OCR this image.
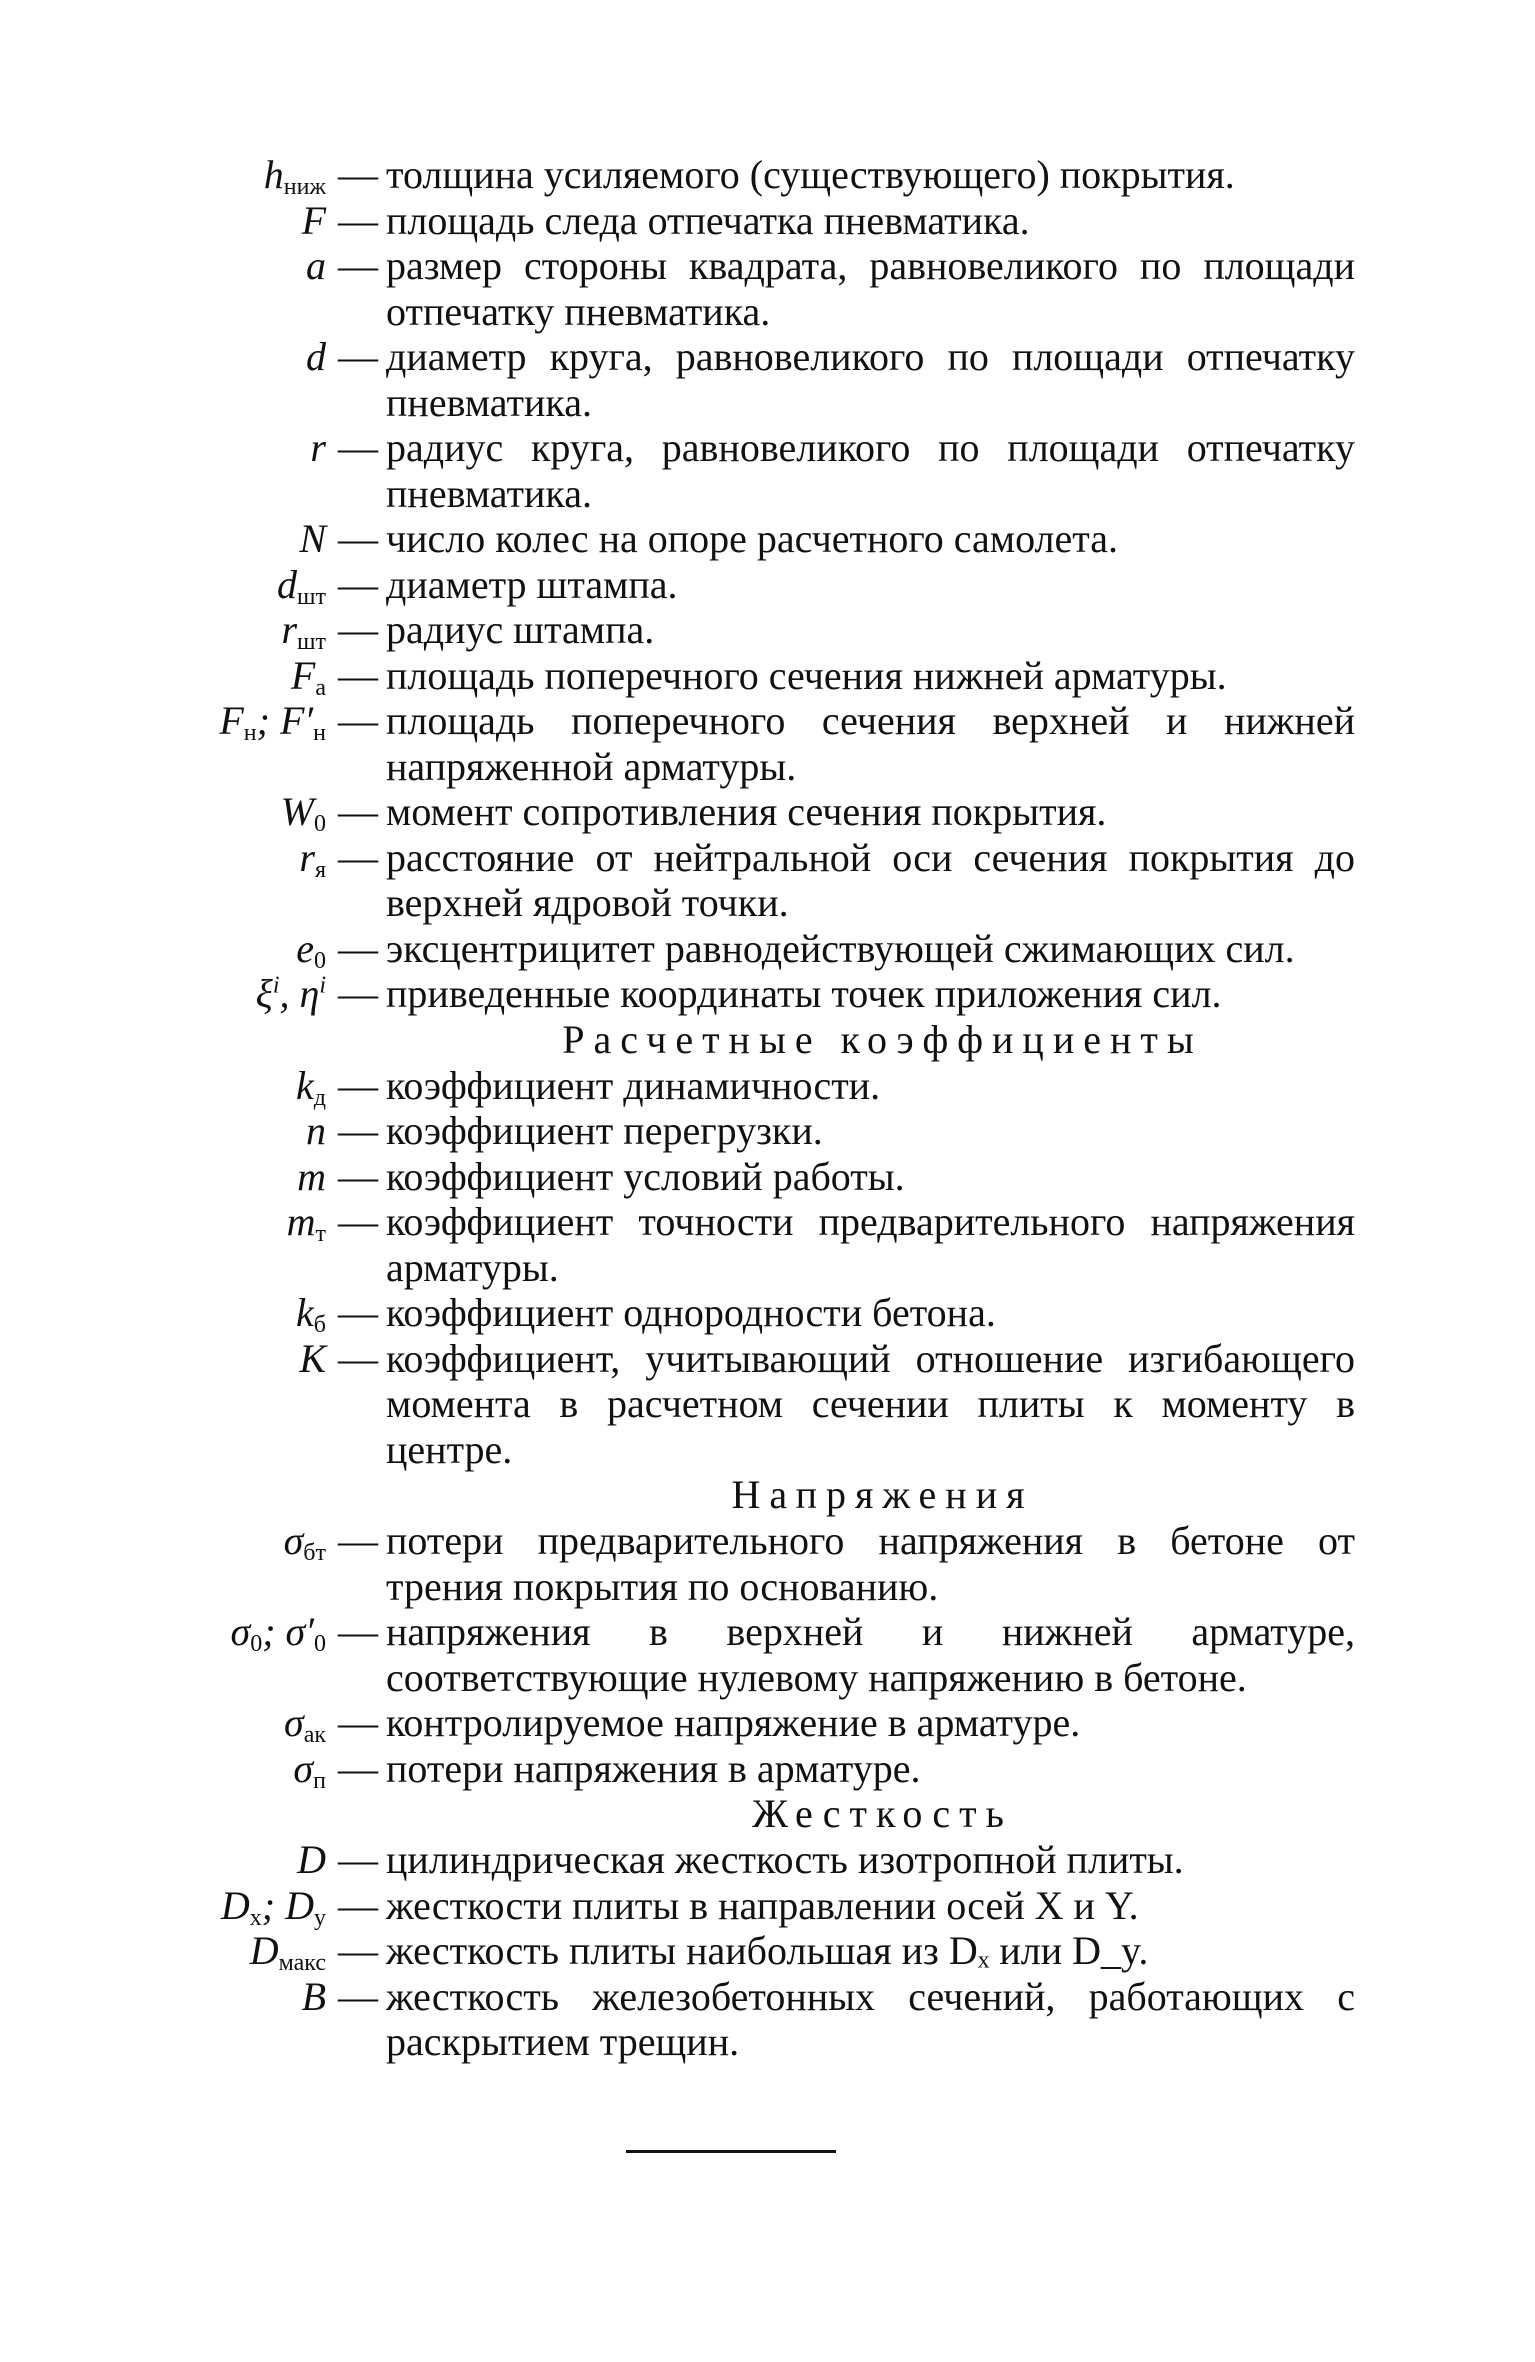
$h_{ниж}$ — толщина усиляемого (существующего) покрытия.
F — площадь следа отпечатка пневматика.
a — размер стороны квадрата, равновеликого по площади отпечатку пневматика.
d — диаметр круга, равновеликого по площади отпечатку пневматика.
r — радиус круга, равновеликого по площади отпечатку пневматика.
N — число колес на опоре расчетного самолета.
$d_{шт}$ — диаметр штампа.
$r_{шт}$ — радиус штампа.
$F_а$ — площадь поперечного сечения нижней арматуры.
$F_н$; $F'_н$ — площадь поперечного сечения верхней и нижней напряженной арматуры.
$W_0$ — момент сопротивления сечения покрытия.
$r_я$ — расстояние от нейтральной оси сечения покрытия до верхней ядровой точки.
$e_0$ — эксцентрицитет равнодействующей сжимающих сил.
$\xi^i$, $\eta^i$ — приведенные координаты точек приложения сил.
Расчетные коэффициенты
$k_д$ — коэффициент динамичности.
n — коэффициент перегрузки.
m — коэффициент условий работы.
$m_т$ — коэффициент точности предварительного напряжения арматуры.
$k_б$ — коэффициент однородности бетона.
K — коэффициент, учитывающий отношение изгибающего момента в расчетном сечении плиты к моменту в центре.
Напряжения
$\sigma_{бт}$ — потери предварительного напряжения в бетоне от трения покрытия по основанию.
$\sigma_0$; $\sigma'_0$ — напряжения в верхней и нижней арматуре, соответствующие нулевому напряжению в бетоне.
$\sigma_{ак}$ — контролируемое напряжение в арматуре.
$\sigma_п$ — потери напряжения в арматуре.
Жесткость
D — цилиндрическая жесткость изотропной плиты.
$D_x$; $D_y$ — жесткости плиты в направлении осей X и Y.
$D_{макс}$ — жесткость плиты наибольшая из Dₓ или D_y.
B — жесткость железобетонных сечений, работающих с раскрытием трещин.
